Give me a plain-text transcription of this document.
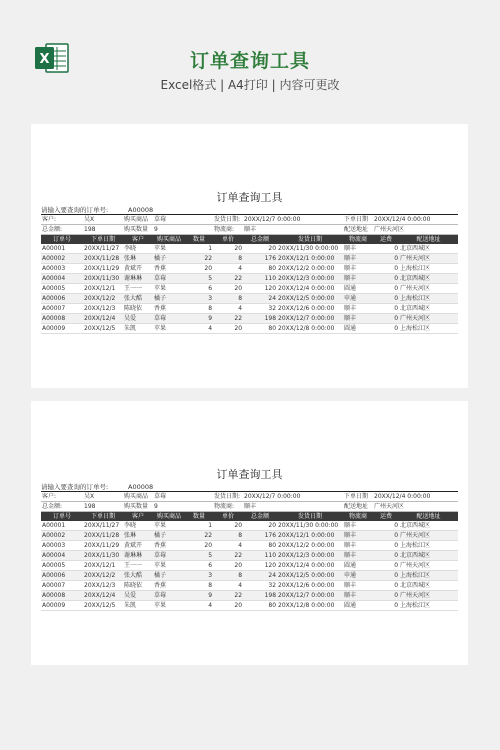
X	订单查询工具
Excel格式 | A4打印 | 内容可更改
订单查询工具
请输入要查询的订单号:	A00008
客户:	吴X	购买商品	草莓		发货日期:	20XX/12/7 0:00:00		下单日期	20XX/12/4 0:00:00	
总金额:	198	购买数量	9		物流商:	顺丰		配送地址	广州天河区	
订单号	下单日期	客户	购买商品	数量	单价	总金额	发货日期	物流商	运费	配送地址
A00001	20XX/11/27	李晓	苹果	1	20	20	20XX/11/30 0:00:00	顺丰	0	北京西城区
A00002	20XX/11/28	张琳	橘子	22	8	176	20XX/12/1 0:00:00	顺丰	0	广州天河区
A00003	20XX/11/29	黄斌开	香蕉	20	4	80	20XX/12/2 0:00:00	顺丰	0	上海松江区
A00004	20XX/11/30	谢琳琳	草莓	5	22	110	20XX/12/3 0:00:00	顺丰	0	北京西城区
A00005	20XX/12/1	王一一	苹果	6	20	120	20XX/12/4 0:00:00	圆通	0	广州天河区
A00006	20XX/12/2	张大酷	橘子	3	8	24	20XX/12/5 0:00:00	申通	0	上海松江区
A00007	20XX/12/3	陈晓依	香蕉	8	4	32	20XX/12/6 0:00:00	顺丰	0	北京西城区
A00008	20XX/12/4	吴爱	草莓	9	22	198	20XX/12/7 0:00:00	顺丰	0	广州天河区
A00009	20XX/12/5	朱凯	苹果	4	20	80	20XX/12/8 0:00:00	圆通	0	上海松江区
订单查询工具
请输入要查询的订单号:	A00008
客户:	吴X	购买商品	草莓		发货日期:	20XX/12/7 0:00:00		下单日期	20XX/12/4 0:00:00	
总金额:	198	购买数量	9		物流商:	顺丰		配送地址	广州天河区	
订单号	下单日期	客户	购买商品	数量	单价	总金额	发货日期	物流商	运费	配送地址
A00001	20XX/11/27	李晓	苹果	1	20	20	20XX/11/30 0:00:00	顺丰	0	北京西城区
A00002	20XX/11/28	张琳	橘子	22	8	176	20XX/12/1 0:00:00	顺丰	0	广州天河区
A00003	20XX/11/29	黄斌开	香蕉	20	4	80	20XX/12/2 0:00:00	顺丰	0	上海松江区
A00004	20XX/11/30	谢琳琳	草莓	5	22	110	20XX/12/3 0:00:00	顺丰	0	北京西城区
A00005	20XX/12/1	王一一	苹果	6	20	120	20XX/12/4 0:00:00	圆通	0	广州天河区
A00006	20XX/12/2	张大酷	橘子	3	8	24	20XX/12/5 0:00:00	申通	0	上海松江区
A00007	20XX/12/3	陈晓依	香蕉	8	4	32	20XX/12/6 0:00:00	顺丰	0	北京西城区
A00008	20XX/12/4	吴爱	草莓	9	22	198	20XX/12/7 0:00:00	顺丰	0	广州天河区
A00009	20XX/12/5	朱凯	苹果	4	20	80	20XX/12/8 0:00:00	圆通	0	上海松江区
